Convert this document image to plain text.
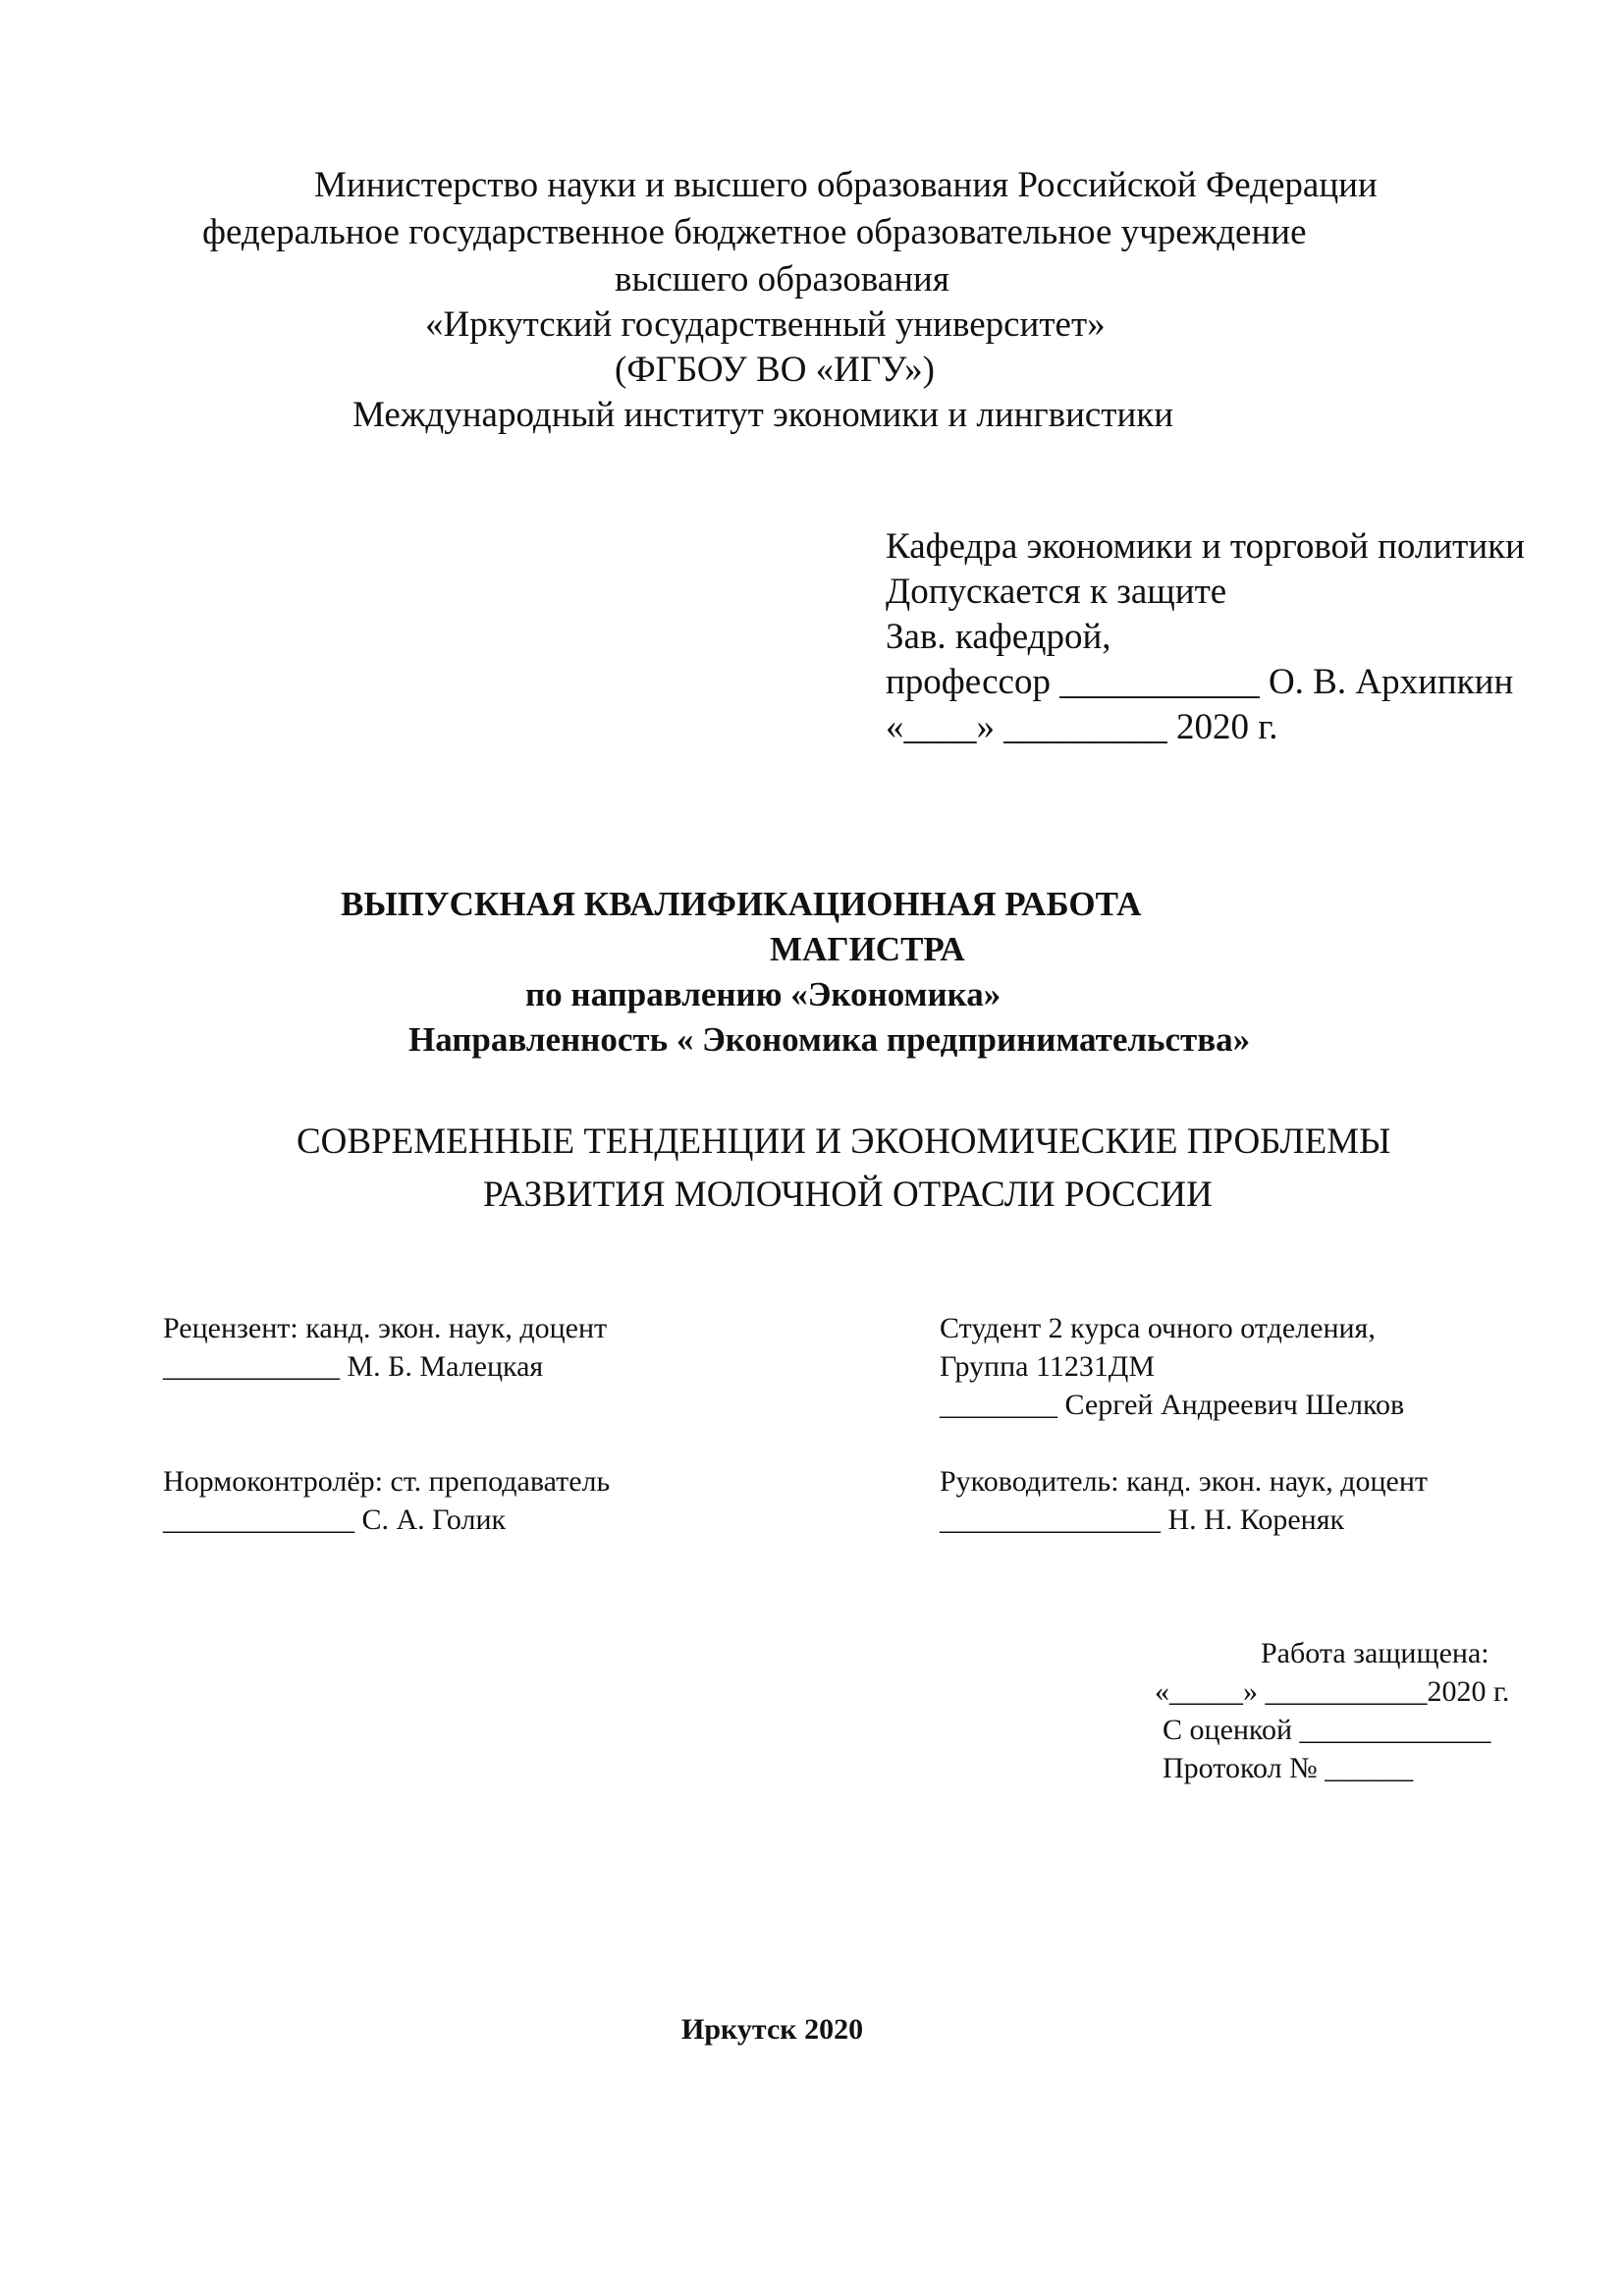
Министерство науки и высшего образования Российской Федерации
федеральное государственное бюджетное образовательное учреждение
высшего образования
«Иркутский государственный университет»
(ФГБОУ ВО «ИГУ»)
Международный институт экономики и лингвистики
Кафедра экономики и торговой политики
Допускается к защите
Зав. кафедрой,
профессор ___________ О. В. Архипкин
«____» _________ 2020 г.
ВЫПУСКНАЯ КВАЛИФИКАЦИОННАЯ РАБОТА
МАГИСТРА
по направлению «Экономика»
Направленность « Экономика предпринимательства»
СОВРЕМЕННЫЕ ТЕНДЕНЦИИ И ЭКОНОМИЧЕСКИЕ ПРОБЛЕМЫ
РАЗВИТИЯ МОЛОЧНОЙ ОТРАСЛИ РОССИИ
Рецензент: канд. экон. наук, доцент
____________ М. Б. Малецкая
Студент 2 курса очного отделения,
Группа 11231ДМ
________ Сергей Андреевич Шелков
Нормоконтролёр: ст. преподаватель
_____________ С. А. Голик
Руководитель: канд. экон. наук, доцент
_______________ Н. Н. Кореняк
Работа защищена:
«_____» ___________2020 г.
С оценкой _____________
Протокол № ______
Иркутск 2020
